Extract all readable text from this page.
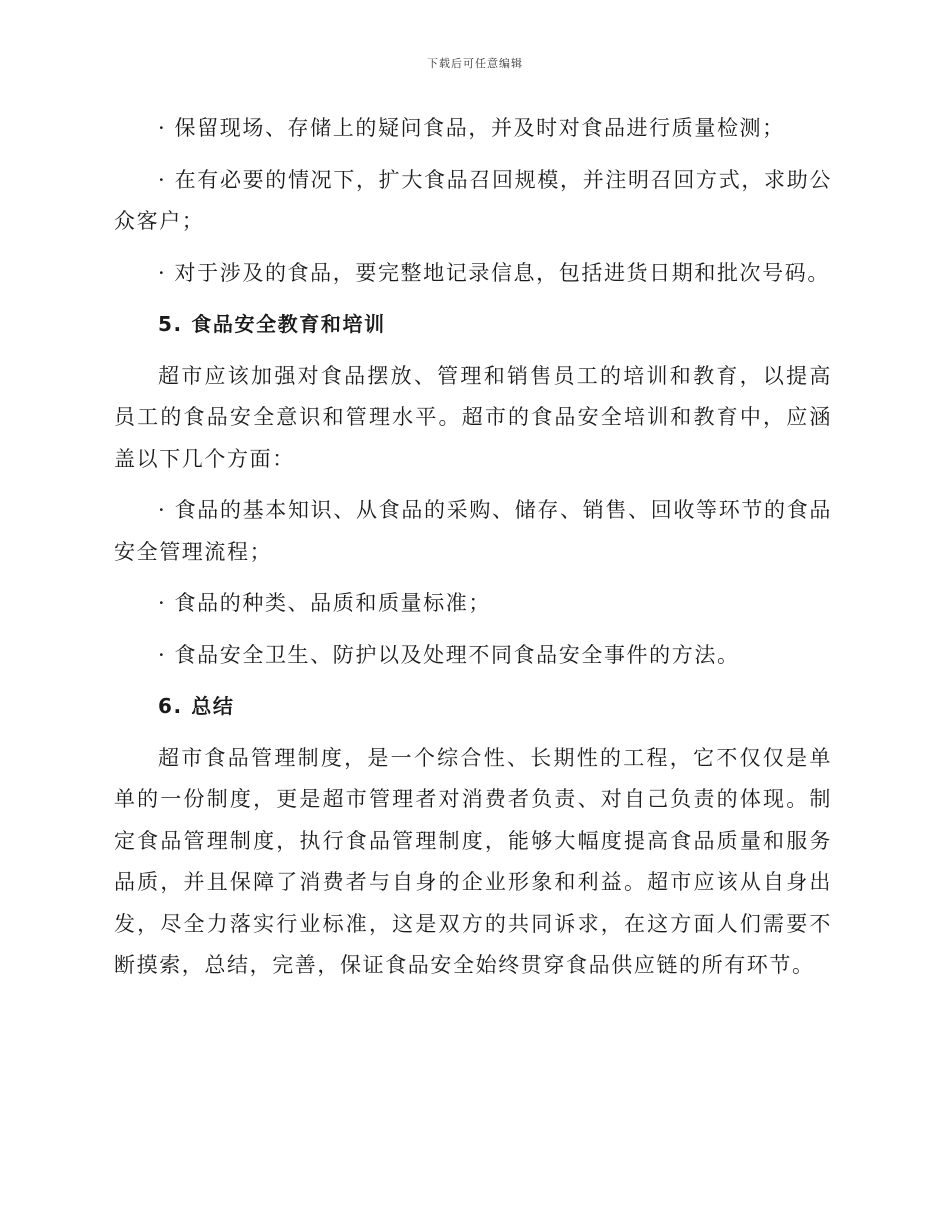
下载后可任意编辑

· 保留现场、存储上的疑问食品，并及时对食品进行质量检测；

· 在有必要的情况下，扩大食品召回规模，并注明召回方式，求助公众客户；

· 对于涉及的食品，要完整地记录信息，包括进货日期和批次号码。

5. 食品安全教育和培训

超市应该加强对食品摆放、管理和销售员工的培训和教育，以提高员工的食品安全意识和管理水平。超市的食品安全培训和教育中，应涵盖以下几个方面：

· 食品的基本知识、从食品的采购、储存、销售、回收等环节的食品安全管理流程；

· 食品的种类、品质和质量标准；

· 食品安全卫生、防护以及处理不同食品安全事件的方法。

6. 总结

超市食品管理制度，是一个综合性、长期性的工程，它不仅仅是单单的一份制度，更是超市管理者对消费者负责、对自己负责的体现。制定食品管理制度，执行食品管理制度，能够大幅度提高食品质量和服务品质，并且保障了消费者与自身的企业形象和利益。超市应该从自身出发，尽全力落实行业标准，这是双方的共同诉求，在这方面人们需要不断摸索，总结，完善，保证食品安全始终贯穿食品供应链的所有环节。
